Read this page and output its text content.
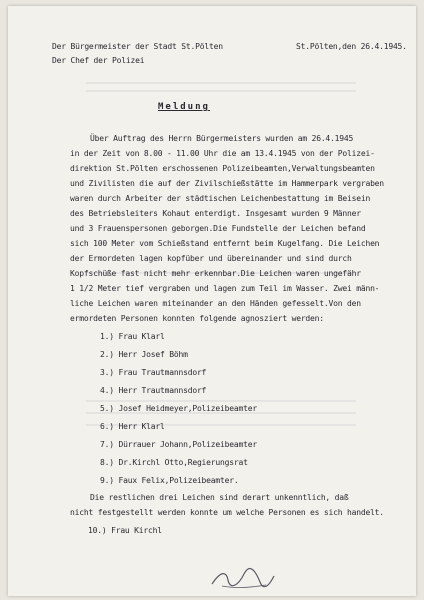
Der Bürgermeister der Stadt St.Pölten
Der Chef der Polizei
St.Pölten,den 26.4.1945.
Meldung
Über Auftrag des Herrn Bürgermeisters wurden am 26.4.1945
in der Zeit von 8.00 - 11.00 Uhr die am 13.4.1945 von der Polizei-
direktion St.Pölten erschossenen Polizeibeamten,Verwaltungsbeamten
und Zivilisten die auf der Zivilschießstätte im Hammerpark vergraben
waren durch Arbeiter der städtischen Leichenbestattung im Beisein
des Betriebsleiters Kohaut enterdigt. Insgesamt wurden 9 Männer
und 3 Frauenspersonen geborgen.Die Fundstelle der Leichen befand
sich 100 Meter vom Schießstand entfernt beim Kugelfang. Die Leichen
der Ermordeten lagen kopfüber und übereinander und sind durch
Kopfschüße fast nicht mehr erkennbar.Die Leichen waren ungefähr
1 1/2 Meter tief vergraben und lagen zum Teil im Wasser. Zwei männ-
liche Leichen waren miteinander an den Händen gefesselt.Von den
ermordeten Personen konnten folgende agnosziert werden:
1.) Frau Klarl
2.) Herr Josef Böhm
3.) Frau Trautmannsdorf
4.) Herr Trautmannsdorf
5.) Josef Heidmeyer,Polizeibeamter
6.) Herr Klarl
7.) Dürrauer Johann,Polizeibeamter
8.) Dr.Kirchl Otto,Regierungsrat
9.) Faux Felix,Polizeibeamter.
Die restlichen drei Leichen sind derart unkenntlich, daß
nicht festgestellt werden konnte um welche Personen es sich handelt.
10.) Frau Kirchl
